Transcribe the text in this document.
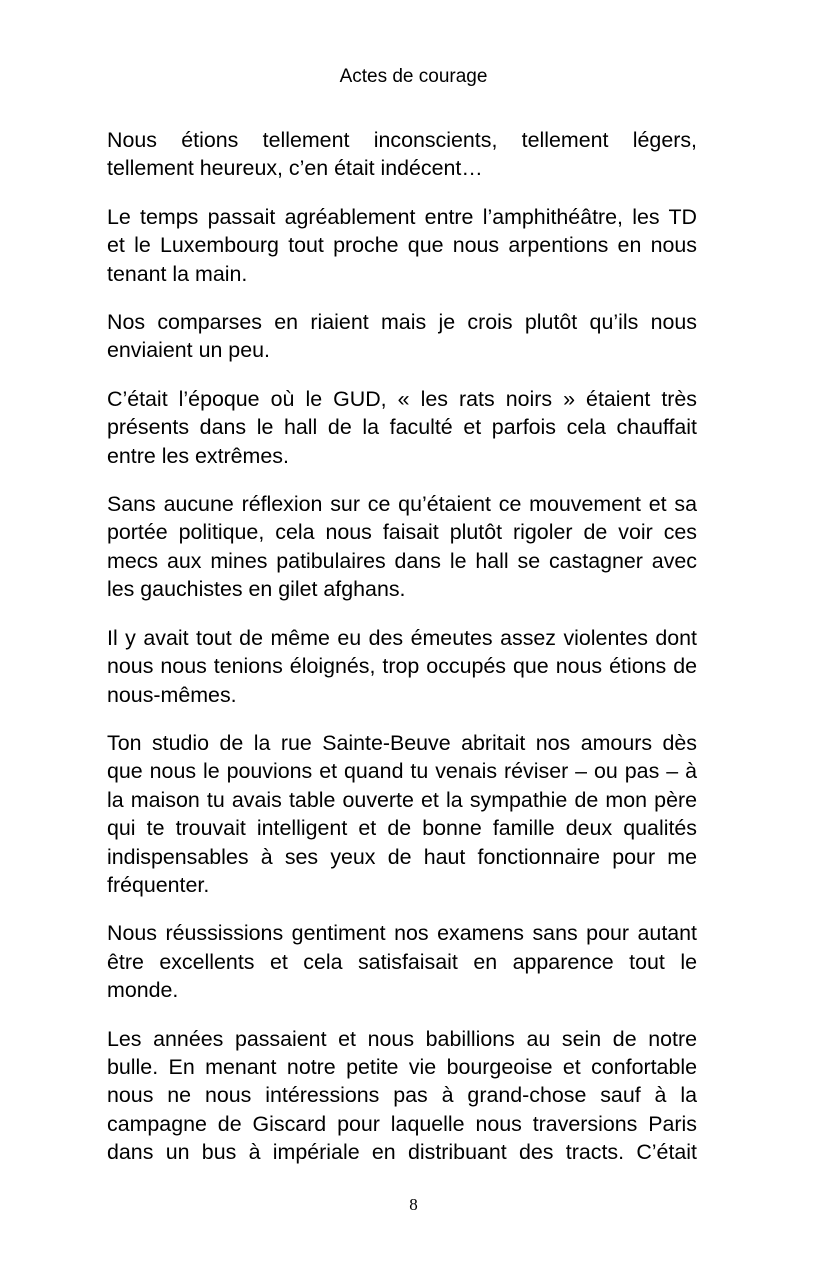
Actes de courage

Nous étions tellement inconscients, tellement légers, tellement heureux, c’en était indécent…

Le temps passait agréablement entre l’amphithéâtre, les TD et le Luxembourg tout proche que nous arpentions en nous tenant la main.

Nos comparses en riaient mais je crois plutôt qu’ils nous enviaient un peu.

C’était l’époque où le GUD, « les rats noirs » étaient très présents dans le hall de la faculté et parfois cela chauffait entre les extrêmes.

Sans aucune réflexion sur ce qu’étaient ce mouvement et sa portée politique, cela nous faisait plutôt rigoler de voir ces mecs aux mines patibulaires dans le hall se castagner avec les gauchistes en gilet afghans.

Il y avait tout de même eu des émeutes assez violentes dont nous nous tenions éloignés, trop occupés que nous étions de nous-mêmes.

Ton studio de la rue Sainte-Beuve abritait nos amours dès que nous le pouvions et quand tu venais réviser – ou pas – à la maison tu avais table ouverte et la sympathie de mon père qui te trouvait intelligent et de bonne famille deux qualités indispensables à ses yeux de haut fonctionnaire pour me fréquenter.

Nous réussissions gentiment nos examens sans pour autant être excellents et cela satisfaisait en apparence tout le monde.

Les années passaient et nous babillions au sein de notre bulle. En menant notre petite vie bourgeoise et confortable nous ne nous intéressions pas à grand-chose sauf à la campagne de Giscard pour laquelle nous traversions Paris dans un bus à impériale en distribuant des tracts. C’était

8
